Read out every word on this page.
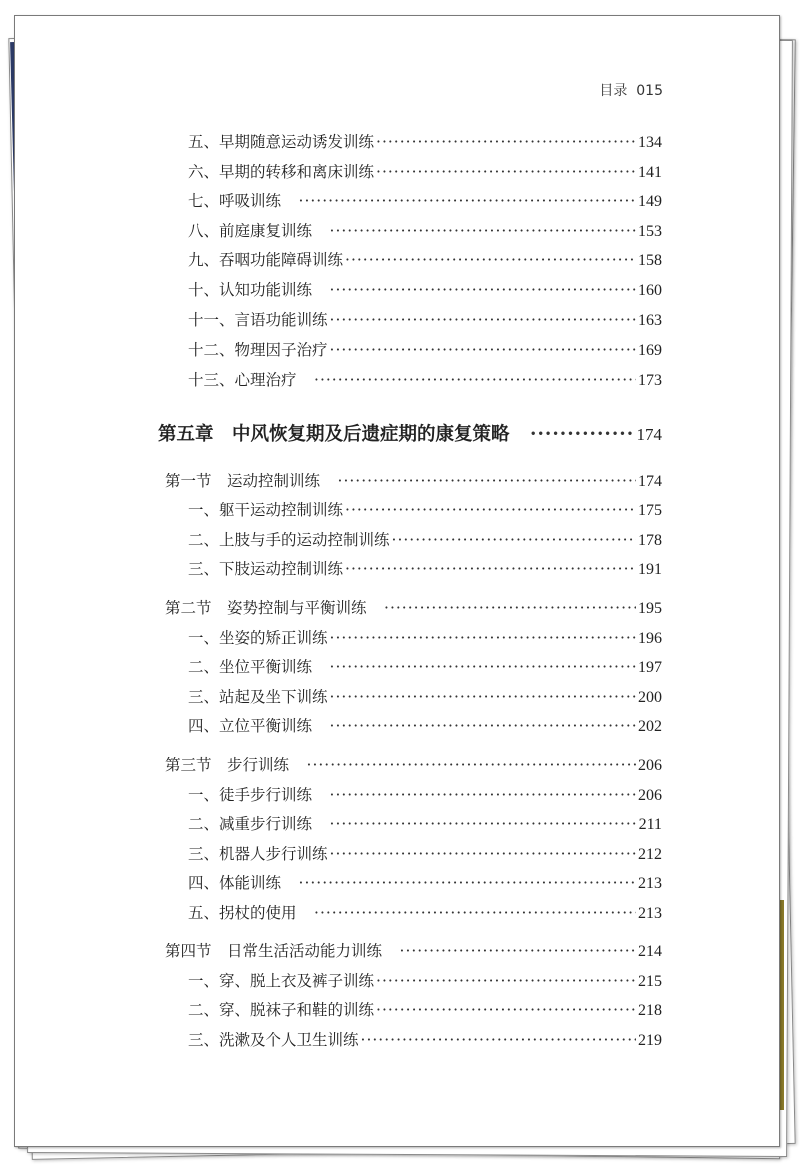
目录 015
五、早期随意运动诱发训练 ·····	134
六、早期的转移和离床训练 ·····	141
七、呼吸训练　 ·····	149
八、前庭康复训练　 ·····	153
九、吞咽功能障碍训练 ·····	158
十、认知功能训练　 ·····	160
十一、言语功能训练 ·····	163
十二、物理因子治疗 ·····	169
十三、心理治疗　 ·····	173
第五章　中风恢复期及后遗症期的康复策略　 ·····	174
第一节　运动控制训练　 ·····	174
一、躯干运动控制训练 ·····	175
二、上肢与手的运动控制训练 ·····	178
三、下肢运动控制训练 ·····	191
第二节　姿势控制与平衡训练　 ·····	195
一、坐姿的矫正训练 ·····	196
二、坐位平衡训练　 ·····	197
三、站起及坐下训练 ·····	200
四、立位平衡训练　 ·····	202
第三节　步行训练　 ·····	206
一、徒手步行训练　 ·····	206
二、减重步行训练　 ·····	211
三、机器人步行训练 ·····	212
四、体能训练　 ·····	213
五、拐杖的使用　 ·····	213
第四节　日常生活活动能力训练　 ·····	214
一、穿、脱上衣及裤子训练 ·····	215
二、穿、脱袜子和鞋的训练 ·····	218
三、洗漱及个人卫生训练 ·····	219
